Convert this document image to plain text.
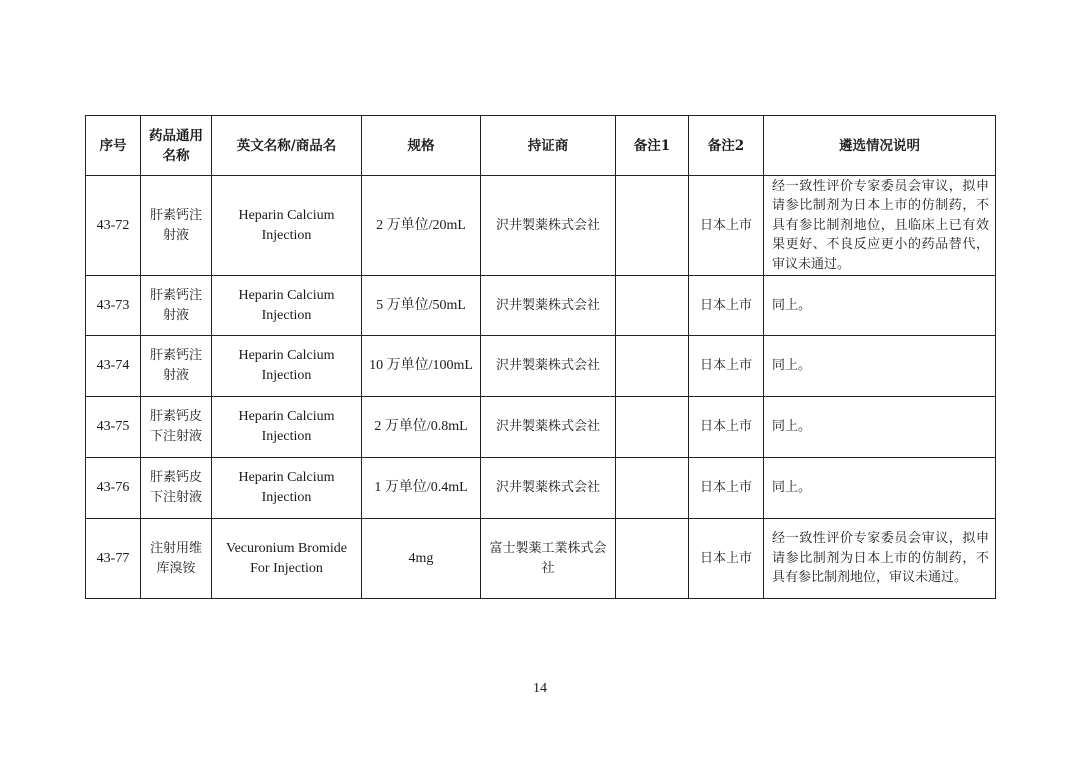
序号	药品通用名称	英文名称/商品名	规格	持证商	备注1	备注2	遴选情况说明
43-72	肝素钙注射液	Heparin Calcium Injection	2 万单位/20mL	沢井製薬株式会社		日本上市	经一致性评价专家委员会审议，拟申请参比制剂为日本上市的仿制药，不具有参比制剂地位，且临床上已有效果更好、不良反应更小的药品替代，审议未通过。
43-73	肝素钙注射液	Heparin Calcium Injection	5 万单位/50mL	沢井製薬株式会社		日本上市	同上。
43-74	肝素钙注射液	Heparin Calcium Injection	10 万单位/100mL	沢井製薬株式会社		日本上市	同上。
43-75	肝素钙皮下注射液	Heparin Calcium Injection	2 万单位/0.8mL	沢井製薬株式会社		日本上市	同上。
43-76	肝素钙皮下注射液	Heparin Calcium Injection	1 万单位/0.4mL	沢井製薬株式会社		日本上市	同上。
43-77	注射用维库溴铵	Vecuronium Bromide For Injection	4mg	富士製薬工業株式会社		日本上市	经一致性评价专家委员会审议，拟申请参比制剂为日本上市的仿制药，不具有参比制剂地位，审议未通过。
14
